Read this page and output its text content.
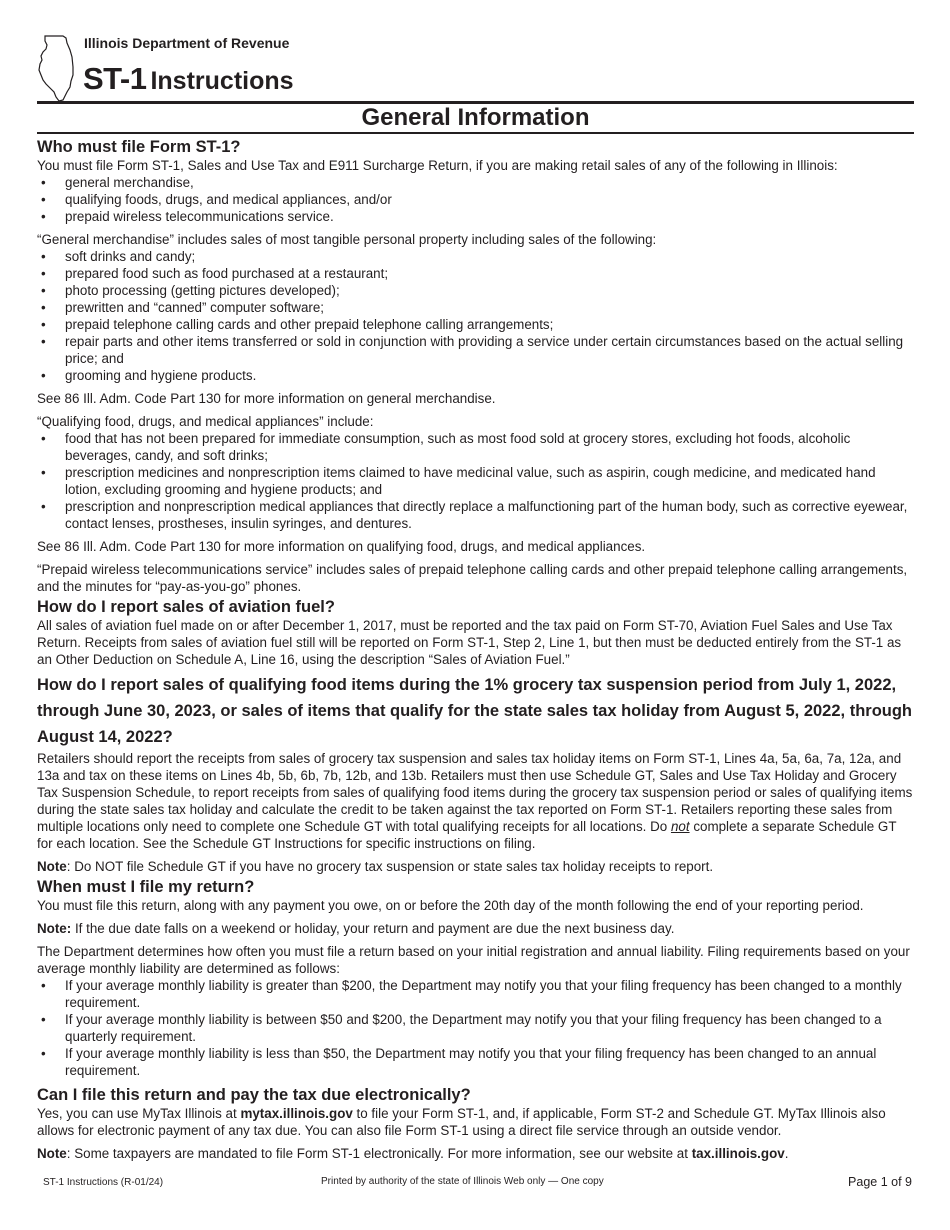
Illinois Department of Revenue
ST-1 Instructions
General Information
Who must file Form ST-1?

You must file Form ST-1, Sales and Use Tax and E911 Surcharge Return, if you are making retail sales of any of the following in Illinois:

• general merchandise,
• qualifying foods, drugs, and medical appliances, and/or
• prepaid wireless telecommunications service.

“General merchandise” includes sales of most tangible personal property including sales of the following:

• soft drinks and candy;
• prepared food such as food purchased at a restaurant;
• photo processing (getting pictures developed);
• prewritten and “canned” computer software;
• prepaid telephone calling cards and other prepaid telephone calling arrangements;
• repair parts and other items transferred or sold in conjunction with providing a service under certain circumstances based on the actual selling price; and
• grooming and hygiene products.

See 86 Ill. Adm. Code Part 130 for more information on general merchandise.

“Qualifying food, drugs, and medical appliances” include:

• food that has not been prepared for immediate consumption, such as most food sold at grocery stores, excluding hot foods, alcoholic beverages, candy, and soft drinks;
• prescription medicines and nonprescription items claimed to have medicinal value, such as aspirin, cough medicine, and medicated hand lotion, excluding grooming and hygiene products; and
• prescription and nonprescription medical appliances that directly replace a malfunctioning part of the human body, such as corrective eyewear, contact lenses, prostheses, insulin syringes, and dentures.

See 86 Ill. Adm. Code Part 130 for more information on qualifying food, drugs, and medical appliances.

“Prepaid wireless telecommunications service” includes sales of prepaid telephone calling cards and other prepaid telephone calling arrangements, and the minutes for “pay-as-you-go” phones.

How do I report sales of aviation fuel?

All sales of aviation fuel made on or after December 1, 2017, must be reported and the tax paid on Form ST-70, Aviation Fuel Sales and Use Tax Return. Receipts from sales of aviation fuel still will be reported on Form ST-1, Step 2, Line 1, but then must be deducted entirely from the ST-1 as an Other Deduction on Schedule A, Line 16, using the description “Sales of Aviation Fuel.”

How do I report sales of qualifying food items during the 1% grocery tax suspension period from July 1, 2022, through June 30, 2023, or sales of items that qualify for the state sales tax holiday from August 5, 2022, through August 14, 2022?

Retailers should report the receipts from sales of grocery tax suspension and sales tax holiday items on Form ST-1, Lines 4a, 5a, 6a, 7a, 12a, and 13a and tax on these items on Lines 4b, 5b, 6b, 7b, 12b, and 13b. Retailers must then use Schedule GT, Sales and Use Tax Holiday and Grocery Tax Suspension Schedule, to report receipts from sales of qualifying food items during the grocery tax suspension period or sales of qualifying items during the state sales tax holiday and calculate the credit to be taken against the tax reported on Form ST-1. Retailers reporting these sales from multiple locations only need to complete one Schedule GT with total qualifying receipts for all locations. Do not complete a separate Schedule GT for each location. See the Schedule GT Instructions for specific instructions on filing.

Note: Do NOT file Schedule GT if you have no grocery tax suspension or state sales tax holiday receipts to report.

When must I file my return?

You must file this return, along with any payment you owe, on or before the 20th day of the month following the end of your reporting period.

Note: If the due date falls on a weekend or holiday, your return and payment are due the next business day.

The Department determines how often you must file a return based on your initial registration and annual liability. Filing requirements based on your average monthly liability are determined as follows:

• If your average monthly liability is greater than $200, the Department may notify you that your filing frequency has been changed to a monthly requirement.
• If your average monthly liability is between $50 and $200, the Department may notify you that your filing frequency has been changed to a quarterly requirement.
• If your average monthly liability is less than $50, the Department may notify you that your filing frequency has been changed to an annual requirement.
Can I file this return and pay the tax due electronically?

Yes, you can use MyTax Illinois at mytax.illinois.gov to file your Form ST-1, and, if applicable, Form ST-2 and Schedule GT. MyTax Illinois also allows for electronic payment of any tax due. You can also file Form ST-1 using a direct file service through an outside vendor.

Note: Some taxpayers are mandated to file Form ST-1 electronically. For more information, see our website at tax.illinois.gov.

ST-1 Instructions (R-01/24)	Printed by authority of the state of Illinois Web only — One copy	Page 1 of 9
